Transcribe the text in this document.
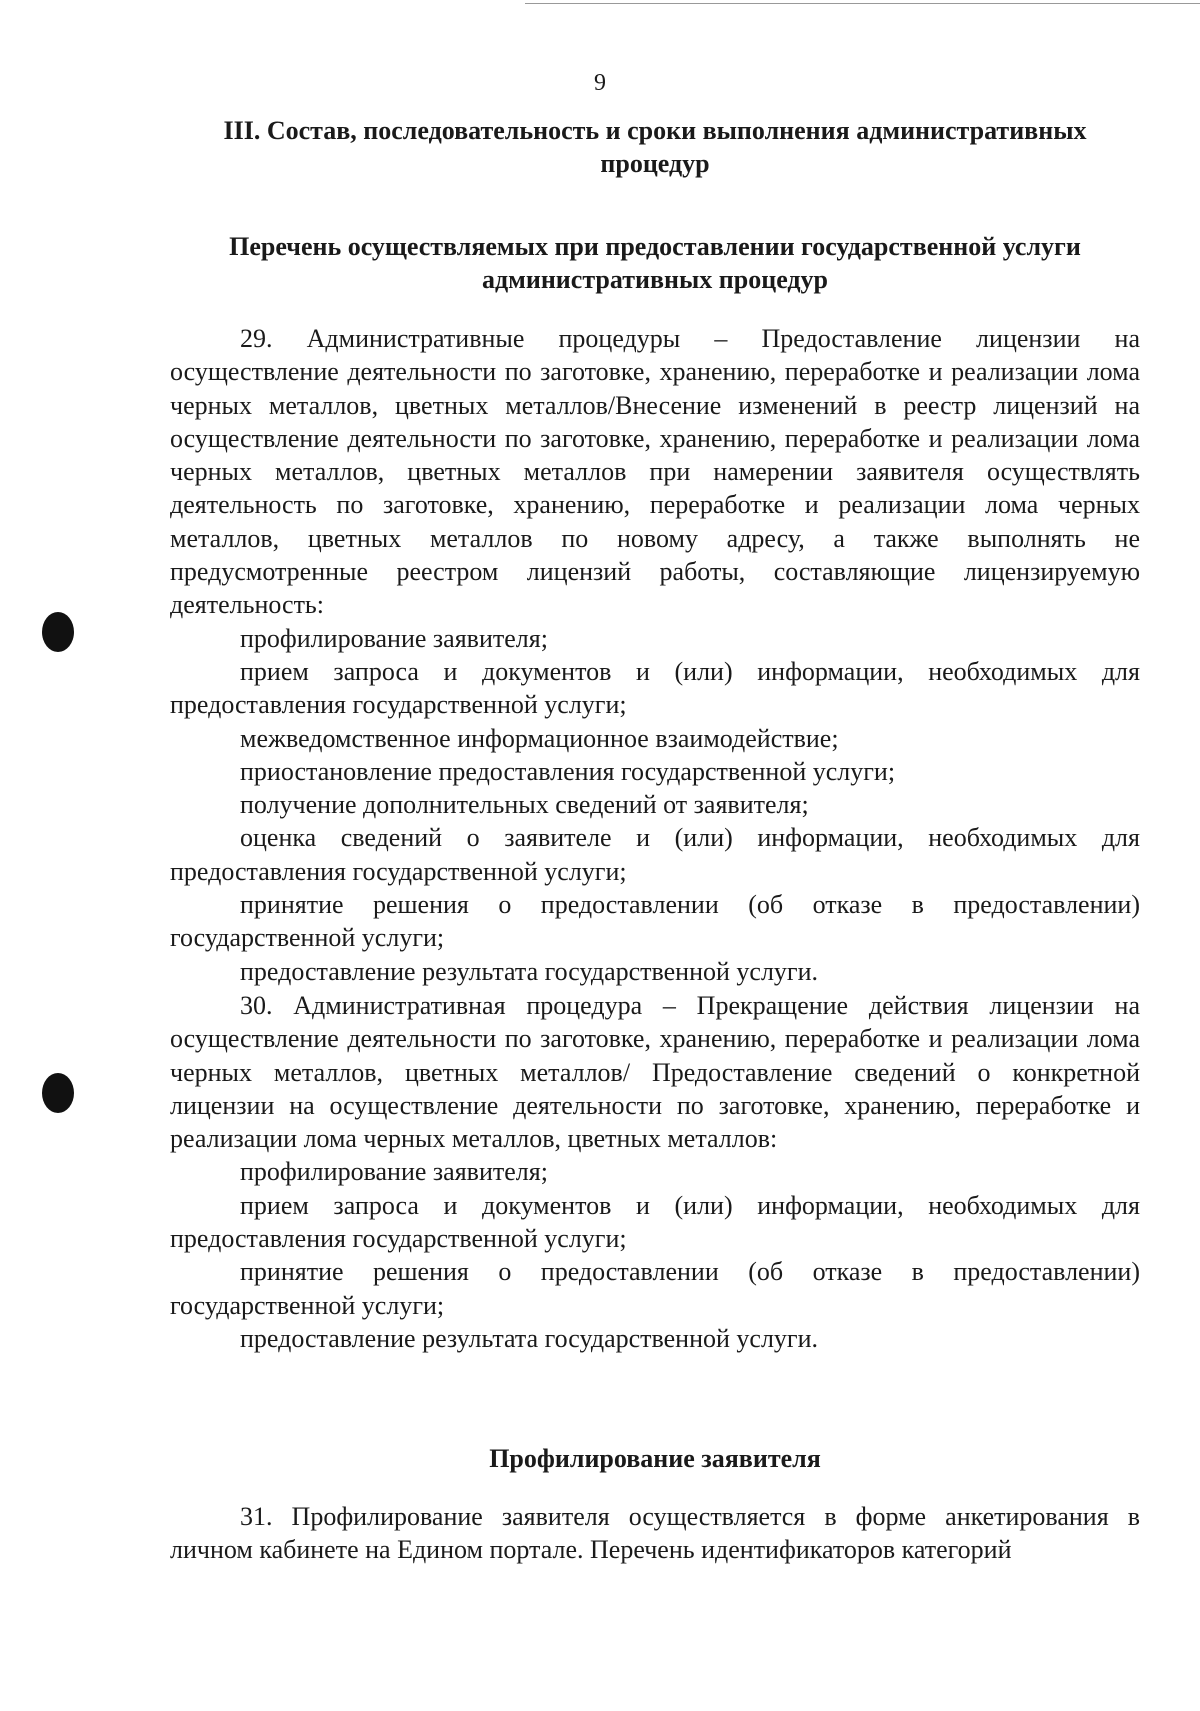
9
III. Состав, последовательность и сроки выполнения административных процедур
Перечень осуществляемых при предоставлении государственной услуги административных процедур
29. Административные процедуры – Предоставление лицензии на осуществление деятельности по заготовке, хранению, переработке и реализации лома черных металлов, цветных металлов/Внесение изменений в реестр лицензий на осуществление деятельности по заготовке, хранению, переработке и реализации лома черных металлов, цветных металлов при намерении заявителя осуществлять деятельность по заготовке, хранению, переработке и реализации лома черных металлов, цветных металлов по новому адресу, а также выполнять не предусмотренные реестром лицензий работы, составляющие лицензируемую деятельность:
профилирование заявителя;
прием запроса и документов и (или) информации, необходимых для предоставления государственной услуги;
межведомственное информационное взаимодействие;
приостановление предоставления государственной услуги;
получение дополнительных сведений от заявителя;
оценка сведений о заявителе и (или) информации, необходимых для предоставления государственной услуги;
принятие решения о предоставлении (об отказе в предоставлении) государственной услуги;
предоставление результата государственной услуги.
30. Административная процедура – Прекращение действия лицензии на осуществление деятельности по заготовке, хранению, переработке и реализации лома черных металлов, цветных металлов/ Предоставление сведений о конкретной лицензии на осуществление деятельности по заготовке, хранению, переработке и реализации лома черных металлов, цветных металлов:
профилирование заявителя;
прием запроса и документов и (или) информации, необходимых для предоставления государственной услуги;
принятие решения о предоставлении (об отказе в предоставлении) государственной услуги;
предоставление результата государственной услуги.
Профилирование заявителя
31. Профилирование заявителя осуществляется в форме анкетирования в личном кабинете на Едином портале. Перечень идентификаторов категорий
